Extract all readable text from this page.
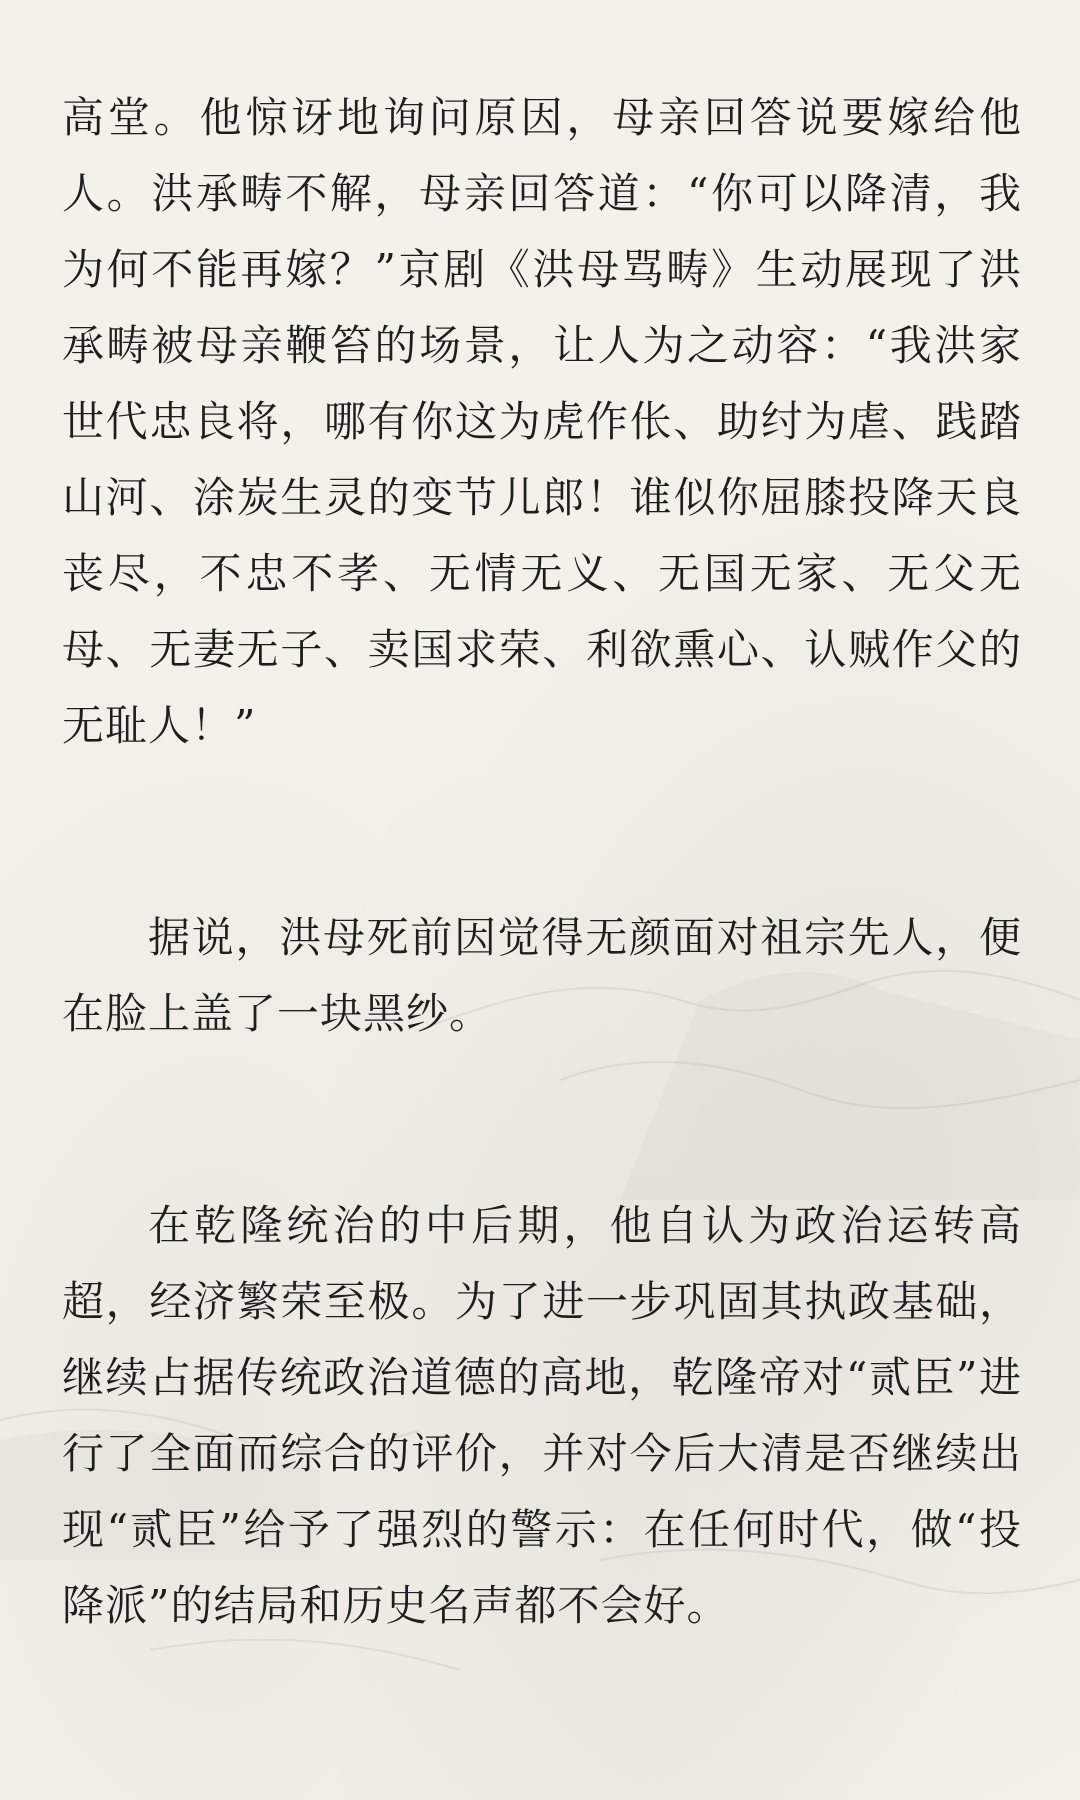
高堂。他惊讶地询问原因，母亲回答说要嫁给他人。洪承畴不解，母亲回答道：“你可以降清，我为何不能再嫁？”京剧《洪母骂畴》生动展现了洪承畴被母亲鞭笞的场景，让人为之动容：“我洪家世代忠良将，哪有你这为虎作伥、助纣为虐、践踏山河、涂炭生灵的变节儿郎！谁似你屈膝投降天良丧尽，不忠不孝、无情无义、无国无家、无父无母、无妻无子、卖国求荣、利欲熏心、认贼作父的无耻人！”

据说，洪母死前因觉得无颜面对祖宗先人，便在脸上盖了一块黑纱。

在乾隆统治的中后期，他自认为政治运转高超，经济繁荣至极。为了进一步巩固其执政基础，继续占据传统政治道德的高地，乾隆帝对“贰臣”进行了全面而综合的评价，并对今后大清是否继续出现“贰臣”给予了强烈的警示：在任何时代，做“投降派”的结局和历史名声都不会好。
